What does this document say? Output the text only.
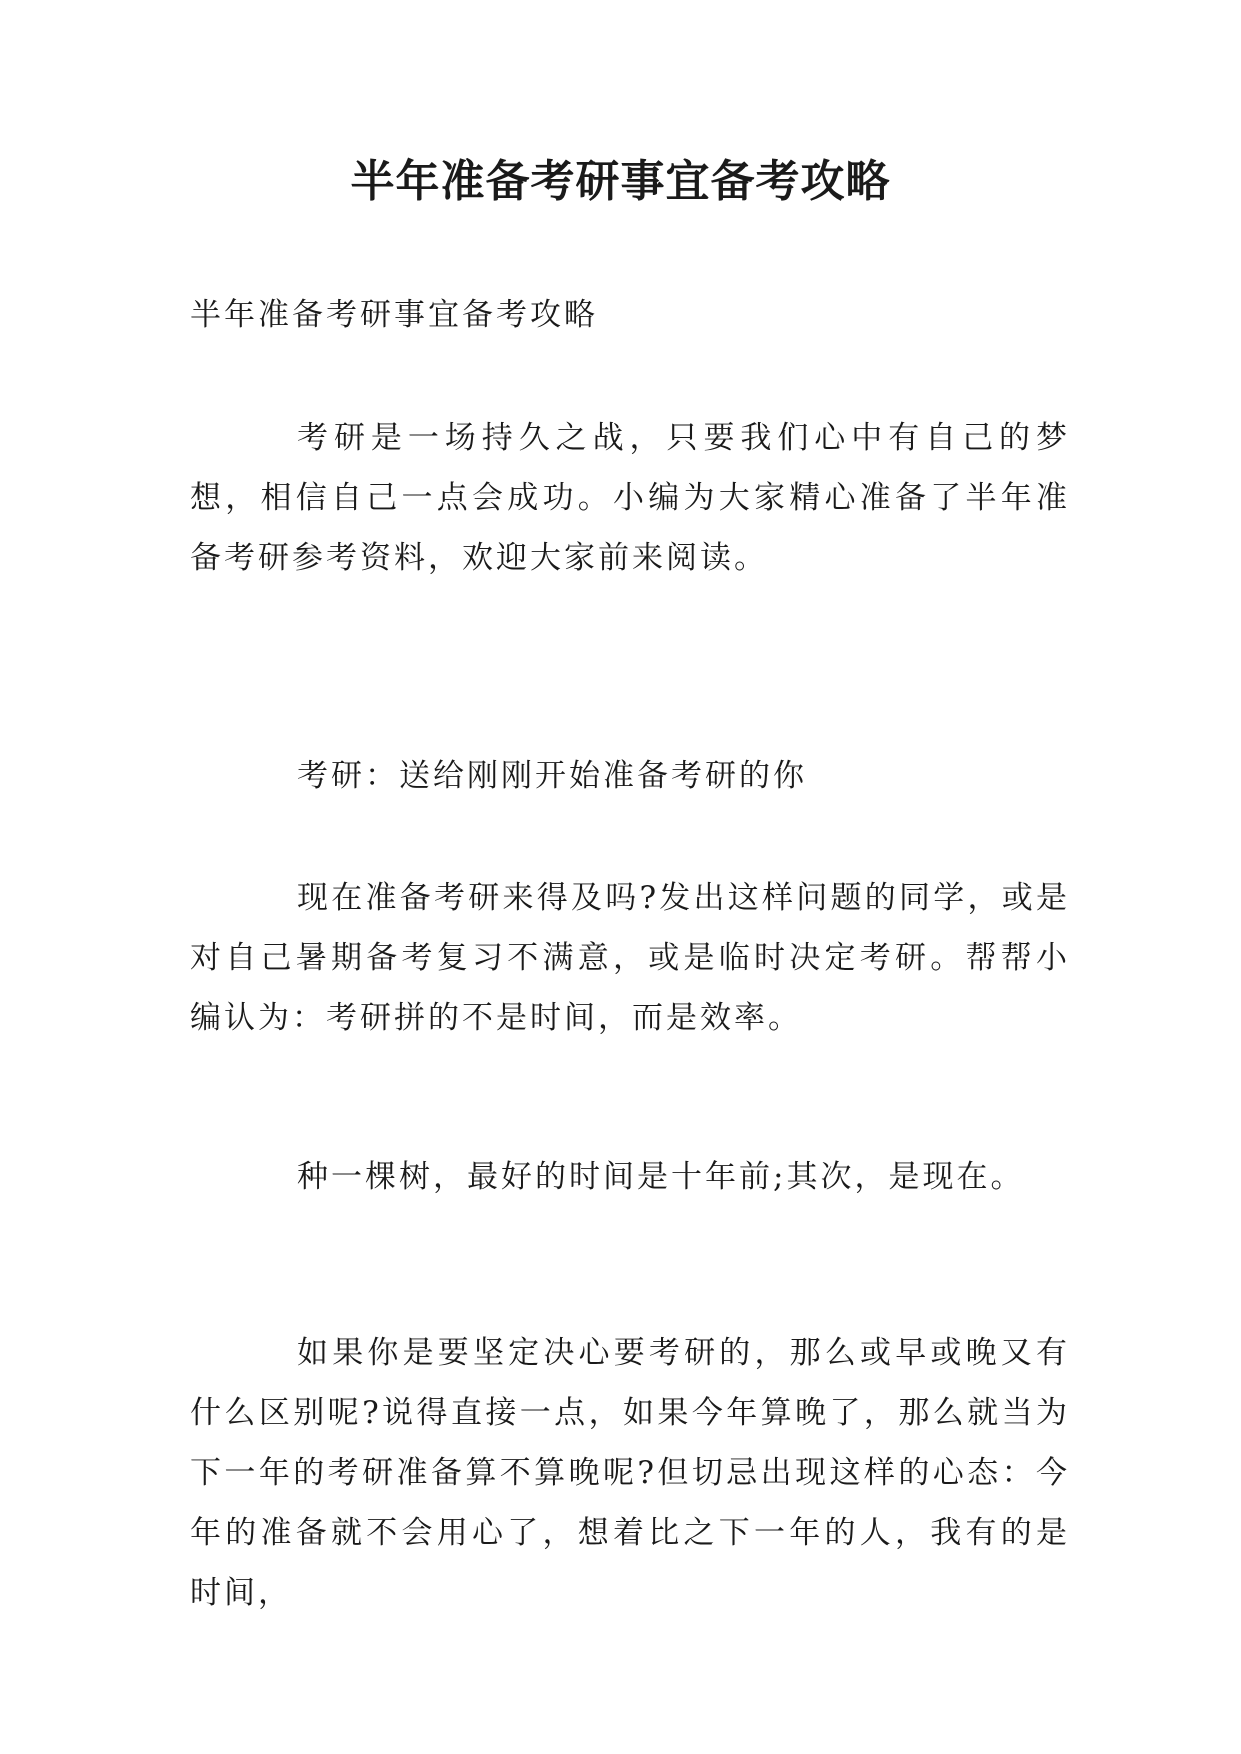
半年准备考研事宜备考攻略

半年准备考研事宜备考攻略

考研是一场持久之战，只要我们心中有自己的梦想，相信自己一点会成功。小编为大家精心准备了半年准备考研参考资料，欢迎大家前来阅读。

考研：送给刚刚开始准备考研的你

现在准备考研来得及吗?发出这样问题的同学，或是对自己暑期备考复习不满意，或是临时决定考研。帮帮小编认为：考研拼的不是时间，而是效率。

种一棵树，最好的时间是十年前;其次，是现在。

如果你是要坚定决心要考研的，那么或早或晚又有什么区别呢?说得直接一点，如果今年算晚了，那么就当为下一年的考研准备算不算晚呢?但切忌出现这样的心态：今年的准备就不会用心了，想着比之下一年的人，我有的是时间，
